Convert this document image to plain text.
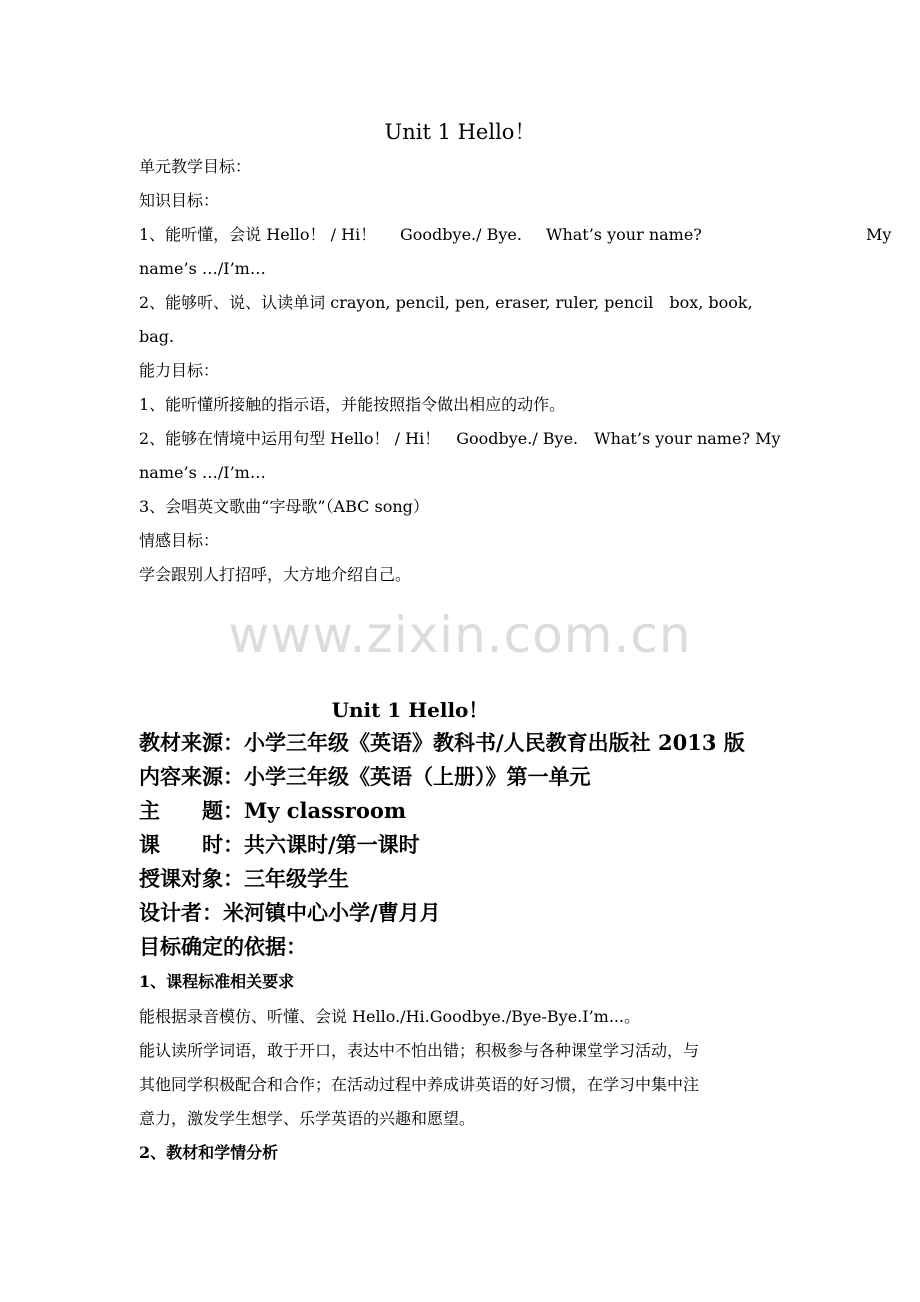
Unit 1 Hello！
单元教学目标：
知识目标：
1、能听懂，会说 Hello！ / Hi！ Goodbye./ Bye. What’s your name?	My
name’s …/I’m…
2、能够听、说、认读单词 crayon, pencil, pen, eraser, ruler, pencil　box, book,
bag.
能力目标：
1、能听懂所接触的指示语，并能按照指令做出相应的动作。
2、能够在情境中运用句型 Hello！ / Hi！　Goodbye./ Bye.　What’s your name? My
name’s …/I’m…
3、会唱英文歌曲“字母歌”（ABC song）
情感目标：
学会跟别人打招呼，大方地介绍自己。
www.zixin.com.cn
Unit 1 Hello！
教材来源：小学三年级《英语》教科书/人民教育出版社 2013 版
内容来源：小学三年级《英语（上册）》第一单元
主　　题：My classroom
课　　时：共六课时/第一课时
授课对象：三年级学生
设计者：米河镇中心小学/曹月月
目标确定的依据：
1、课程标准相关要求
能根据录音模仿、听懂、会说 Hello./Hi.Goodbye./Bye-Bye.I’m...。
能认读所学词语，敢于开口，表达中不怕出错；积极参与各种课堂学习活动，与
其他同学积极配合和合作；在活动过程中养成讲英语的好习惯，在学习中集中注
意力，激发学生想学、乐学英语的兴趣和愿望。
2、教材和学情分析
